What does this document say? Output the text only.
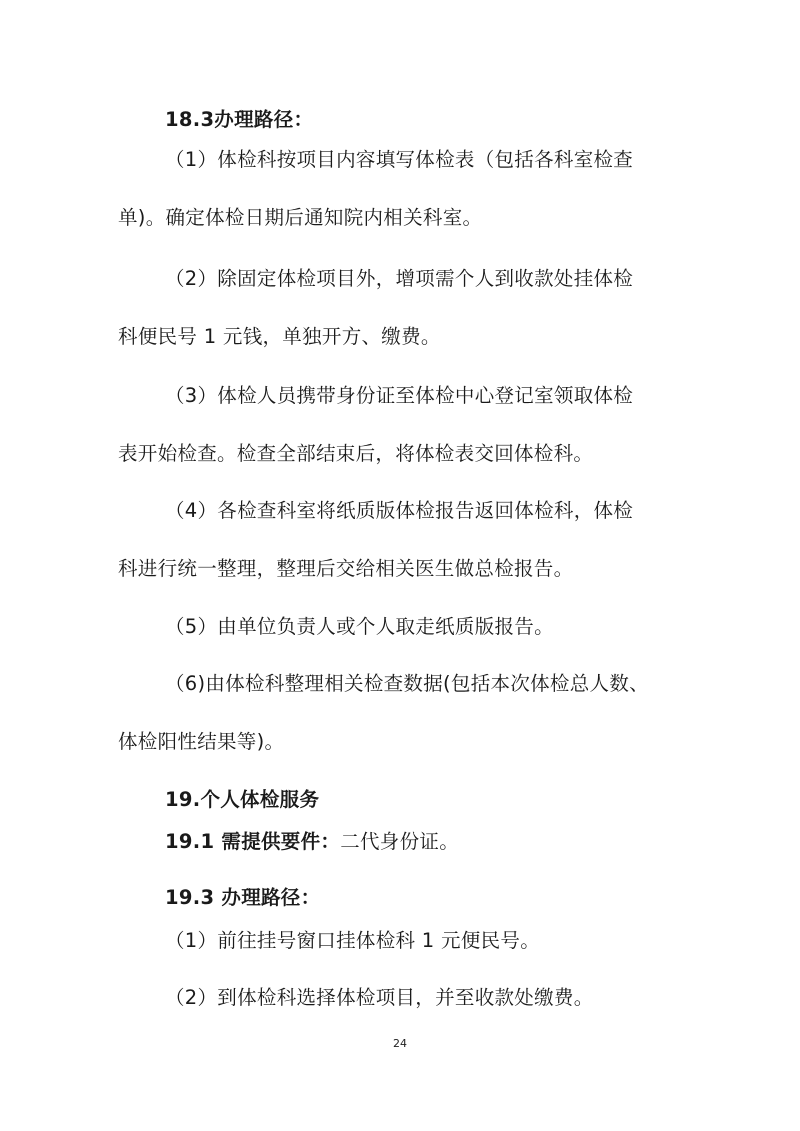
18.3办理路径：
（1）体检科按项目内容填写体检表（包括各科室检查
单)。确定体检日期后通知院内相关科室。
（2）除固定体检项目外，增项需个人到收款处挂体检
科便民号 1 元钱，单独开方、缴费。
（3）体检人员携带身份证至体检中心登记室领取体检
表开始检查。检查全部结束后，将体检表交回体检科。
（4）各检查科室将纸质版体检报告返回体检科，体检
科进行统一整理，整理后交给相关医生做总检报告。
（5）由单位负责人或个人取走纸质版报告。
（6)由体检科整理相关检查数据(包括本次体检总人数、
体检阳性结果等)。
19.个人体检服务
19.1 需提供要件：二代身份证。
19.3 办理路径：
（1）前往挂号窗口挂体检科 1 元便民号。
（2）到体检科选择体检项目，并至收款处缴费。
24
